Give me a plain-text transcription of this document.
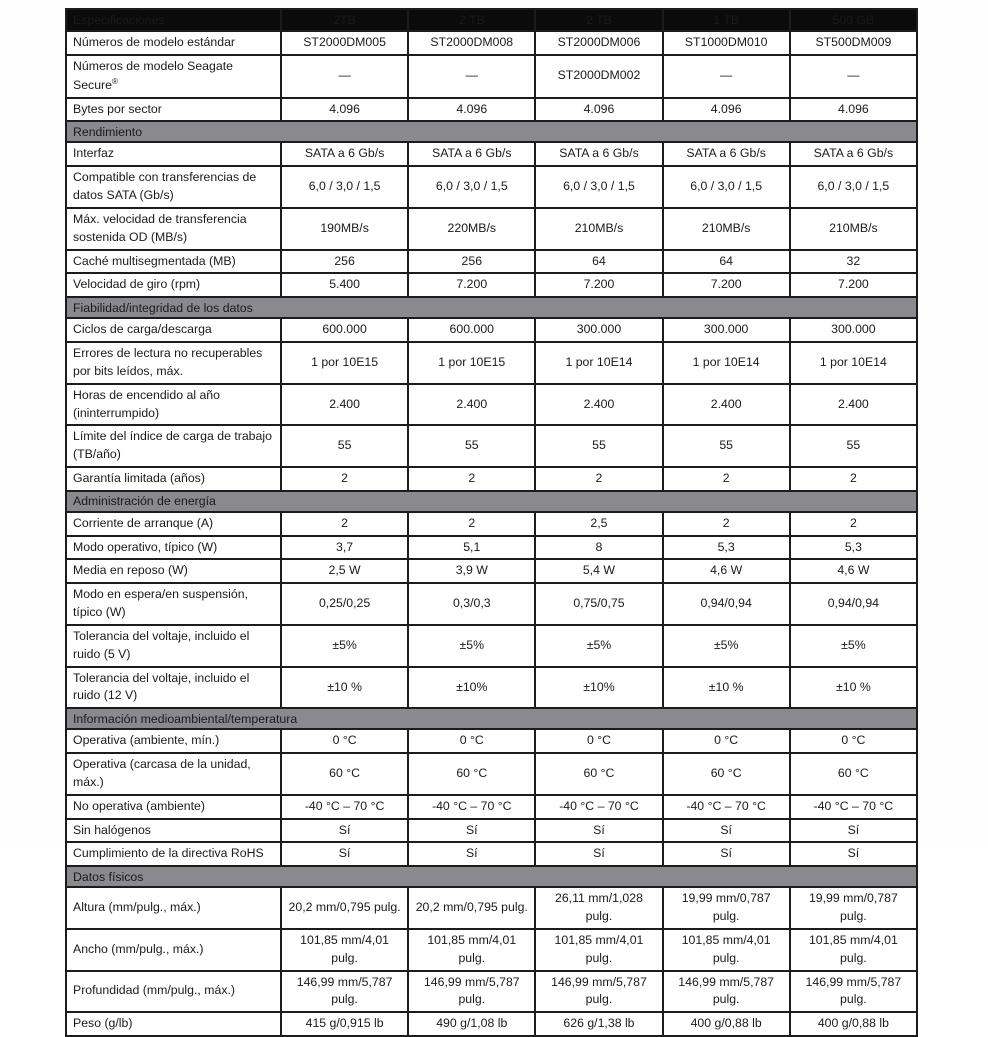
Especificaciones	2TB	2 TB	2 TB	1 TB	500 GB
Números de modelo estándar	ST2000DM005	ST2000DM008	ST2000DM006	ST1000DM010	ST500DM009
Números de modelo Seagate Secure®	—	—	ST2000DM002	—	—
Bytes por sector	4.096	4.096	4.096	4.096	4.096
Rendimiento					
Interfaz	SATA a 6 Gb/s	SATA a 6 Gb/s	SATA a 6 Gb/s	SATA a 6 Gb/s	SATA a 6 Gb/s
Compatible con transferencias de datos SATA (Gb/s)	6,0 / 3,0 / 1,5	6,0 / 3,0 / 1,5	6,0 / 3,0 / 1,5	6,0 / 3,0 / 1,5	6,0 / 3,0 / 1,5
Máx. velocidad de transferencia sostenida OD (MB/s)	190MB/s	220MB/s	210MB/s	210MB/s	210MB/s
Caché multisegmentada (MB)	256	256	64	64	32
Velocidad de giro (rpm)	5.400	7.200	7.200	7.200	7.200
Fiabilidad/integridad de los datos					
Ciclos de carga/descarga	600.000	600.000	300.000	300.000	300.000
Errores de lectura no recuperables por bits leídos, máx.	1 por 10E15	1 por 10E15	1 por 10E14	1 por 10E14	1 por 10E14
Horas de encendido al año (ininterrumpido)	2.400	2.400	2.400	2.400	2.400
Límite del índice de carga de trabajo (TB/año)	55	55	55	55	55
Garantía limitada (años)	2	2	2	2	2
Administración de energía					
Corriente de arranque (A)	2	2	2,5	2	2
Modo operativo, típico (W)	3,7	5,1	8	5,3	5,3
Media en reposo (W)	2,5 W	3,9 W	5,4 W	4,6 W	4,6 W
Modo en espera/en suspensión, típico (W)	0,25/0,25	0,3/0,3	0,75/0,75	0,94/0,94	0,94/0,94
Tolerancia del voltaje, incluido el ruido (5 V)	±5%	±5%	±5%	±5%	±5%
Tolerancia del voltaje, incluido el ruido (12 V)	±10 %	±10%	±10%	±10 %	±10 %
Información medioambiental/temperatura					
Operativa (ambiente, mín.)	0 °C	0 °C	0 °C	0 °C	0 °C
Operativa (carcasa de la unidad, máx.)	60 °C	60 °C	60 °C	60 °C	60 °C
No operativa (ambiente)	-40 °C – 70 °C	-40 °C – 70 °C	-40 °C – 70 °C	-40 °C – 70 °C	-40 °C – 70 °C
Sin halógenos	Sí	Sí	Sí	Sí	Sí
Cumplimiento de la directiva RoHS	Sí	Sí	Sí	Sí	Sí
Datos físicos					
Altura (mm/pulg., máx.)	20,2 mm/0,795 pulg.	20,2 mm/0,795 pulg.	26,11 mm/1,028 pulg.	19,99 mm/0,787 pulg.	19,99 mm/0,787 pulg.
Ancho (mm/pulg., máx.)	101,85 mm/4,01 pulg.	101,85 mm/4,01 pulg.	101,85 mm/4,01 pulg.	101,85 mm/4,01 pulg.	101,85 mm/4,01 pulg.
Profundidad (mm/pulg., máx.)	146,99 mm/5,787 pulg.	146,99 mm/5,787 pulg.	146,99 mm/5,787 pulg.	146,99 mm/5,787 pulg.	146,99 mm/5,787 pulg.
Peso (g/lb)	415 g/0,915 lb	490 g/1,08 lb	626 g/1,38 lb	400 g/0,88 lb	400 g/0,88 lb
